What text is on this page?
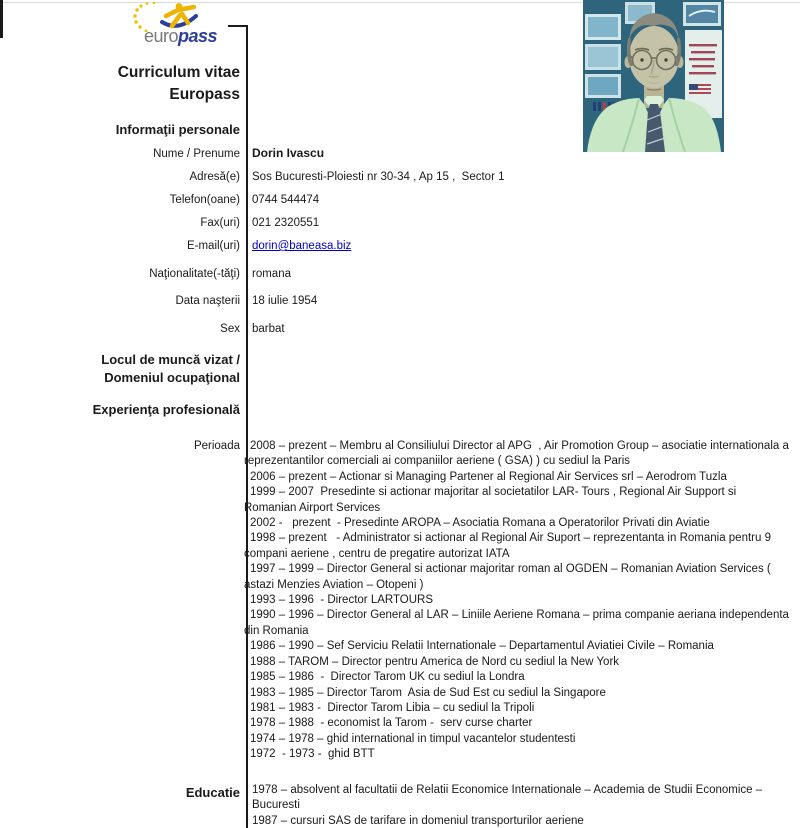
europass
Curriculum vitae
Europass
Informaţii personale
Nume / Prenume Dorin Ivascu
Adresă(e) Sos Bucuresti-Ploiesti nr 30-34 , Ap 15 ,  Sector 1
Telefon(oane) 0744 544474
Fax(uri) 021 2320551
E-mail(uri) dorin@baneasa.biz
Naţionalitate(-tăţi) romana
Data naşterii 18 iulie 1954
Sex barbat
Locul de muncă vizat /
Domeniul ocupaţional
Experienţa profesională
Perioada 2008 – prezent – Membru al Consiliului Director al APG  , Air Promotion Group – asociatie internationala a reprezentantilor comerciali ai companiilor aeriene ( GSA) ) cu sediul la Paris

2006 – prezent – Actionar si Managing Partener al Regional Air Services srl – Aerodrom Tuzla

1999 – 2007  Presedinte si actionar majoritar al societatilor LAR- Tours , Regional Air Support si Romanian Airport Services

2002 -   prezent  - Presedinte AROPA – Asociatia Romana a Operatorilor Privati din Aviatie

1998 – prezent   - Administrator si actionar al Regional Air Suport – reprezentanta in Romania pentru 9 compani aeriene , centru de pregatire autorizat IATA

1997 – 1999 – Director General si actionar majoritar roman al OGDEN – Romanian Aviation Services ( astazi Menzies Aviation – Otopeni )

1993 – 1996  - Director LARTOURS

1990 – 1996 – Director General al LAR – Liniile Aeriene Romana – prima companie aeriana independenta  din Romania

1986 – 1990 – Sef Serviciu Relatii Internationale – Departamentul Aviatiei Civile – Romania

1988 – TAROM – Director pentru America de Nord cu sediul la New York

1985 – 1986  -  Director Tarom UK cu sediul la Londra

1983 – 1985 – Director Tarom  Asia de Sud Est cu sediul la Singapore

1981 – 1983 -  Director Tarom Libia – cu sediul la Tripoli

1978 – 1988  - economist la Tarom -  serv curse charter

1974 – 1978 – ghid international in timpul vacantelor studentesti

1972  - 1973 -  ghid BTT

Educatie 1978 – absolvent al facultatii de Relatii Economice Internationale – Academia de Studii Economice – Bucuresti

1987 – cursuri SAS de tarifare in domeniul transporturilor aeriene
